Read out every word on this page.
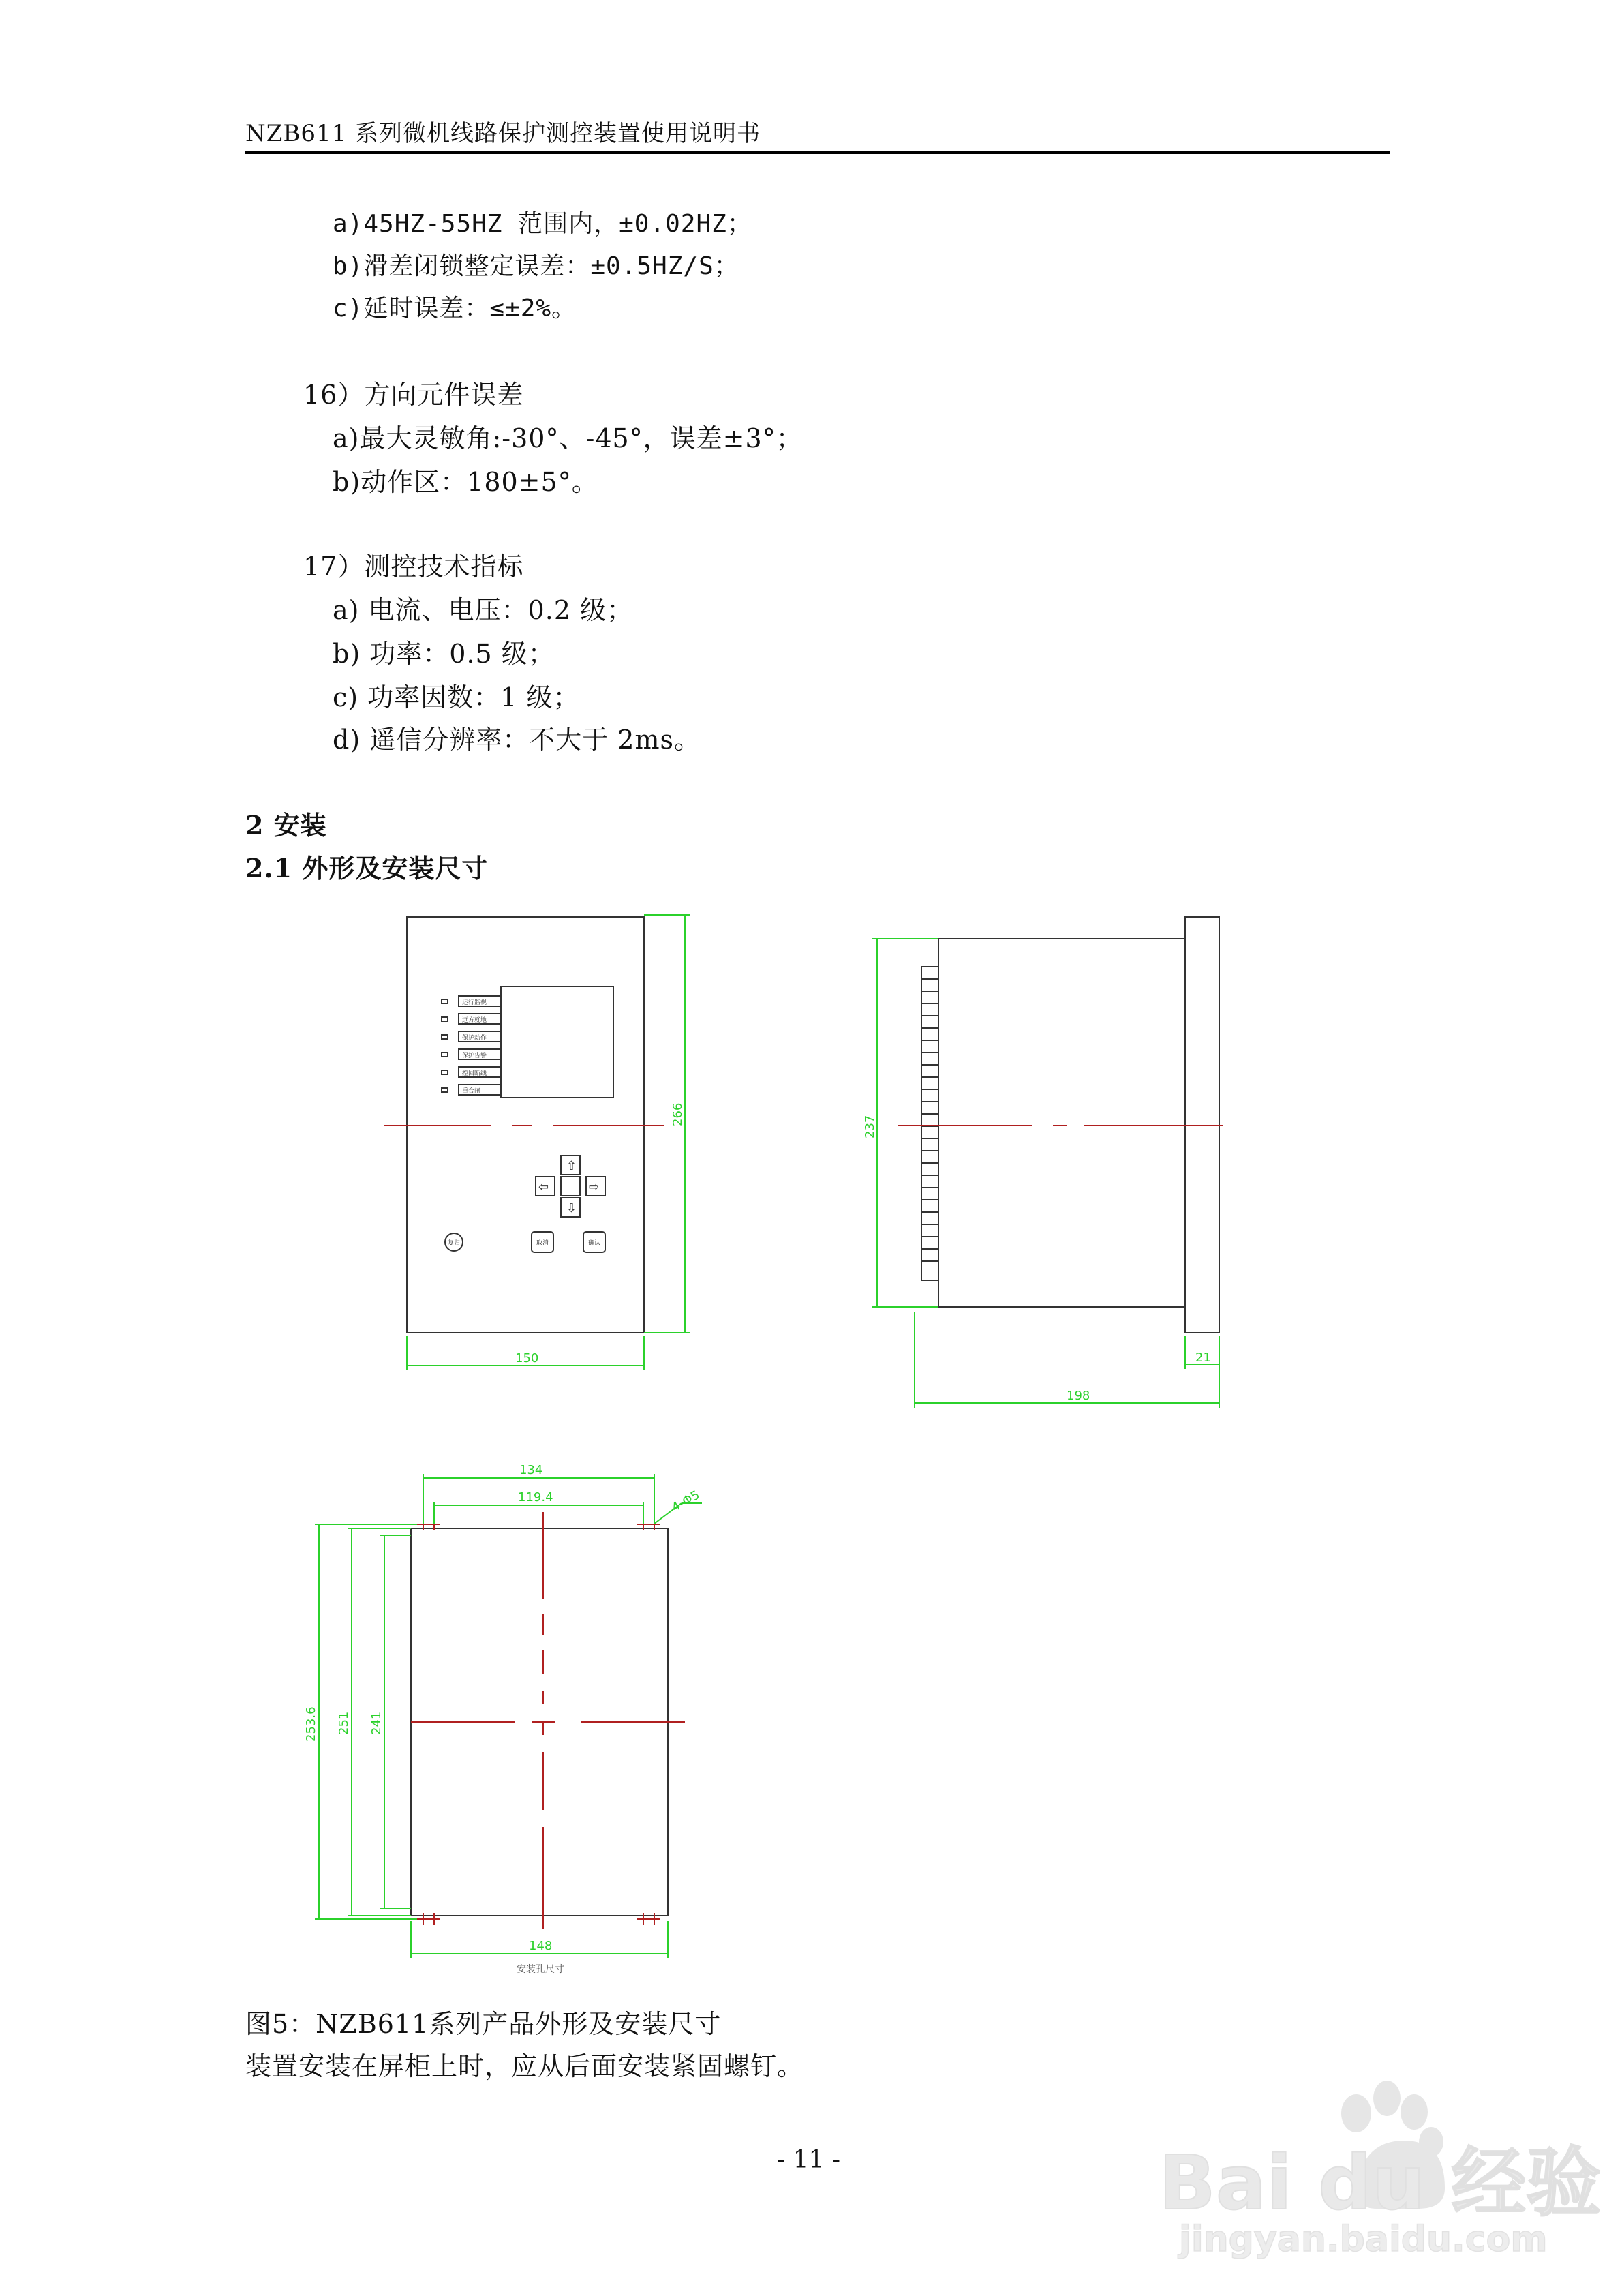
NZB611 系列微机线路保护测控装置使用说明书
a)45HZ-55HZ 范围内，±0.02HZ；
b)滑差闭锁整定误差：±0.5HZ/S；
c)延时误差：≤±2%。
16）方向元件误差
a)最大灵敏角:-30°、-45°，误差±3°；
b)动作区：180±5°。
17）测控技术指标
a) 电流、电压：0.2 级；
b) 功率：0.5 级；
c) 功率因数：1 级；
d) 遥信分辨率：不大于 2ms。
2 安装
2.1 外形及安装尺寸
运行监视
远方就地
保护动作
保护告警
控回断线
重合闸
⇧
⇦	⇨
⇩
复归	取消	确认
266
150
237
198
21
134
119.4	4-Φ5
253.6 251 241
148
安装孔尺寸
图5：NZB611系列产品外形及安装尺寸
装置安装在屏柜上时，应从后面安装紧固螺钉。
- 11 -	Bai du 经验
jingyan.baidu.com
